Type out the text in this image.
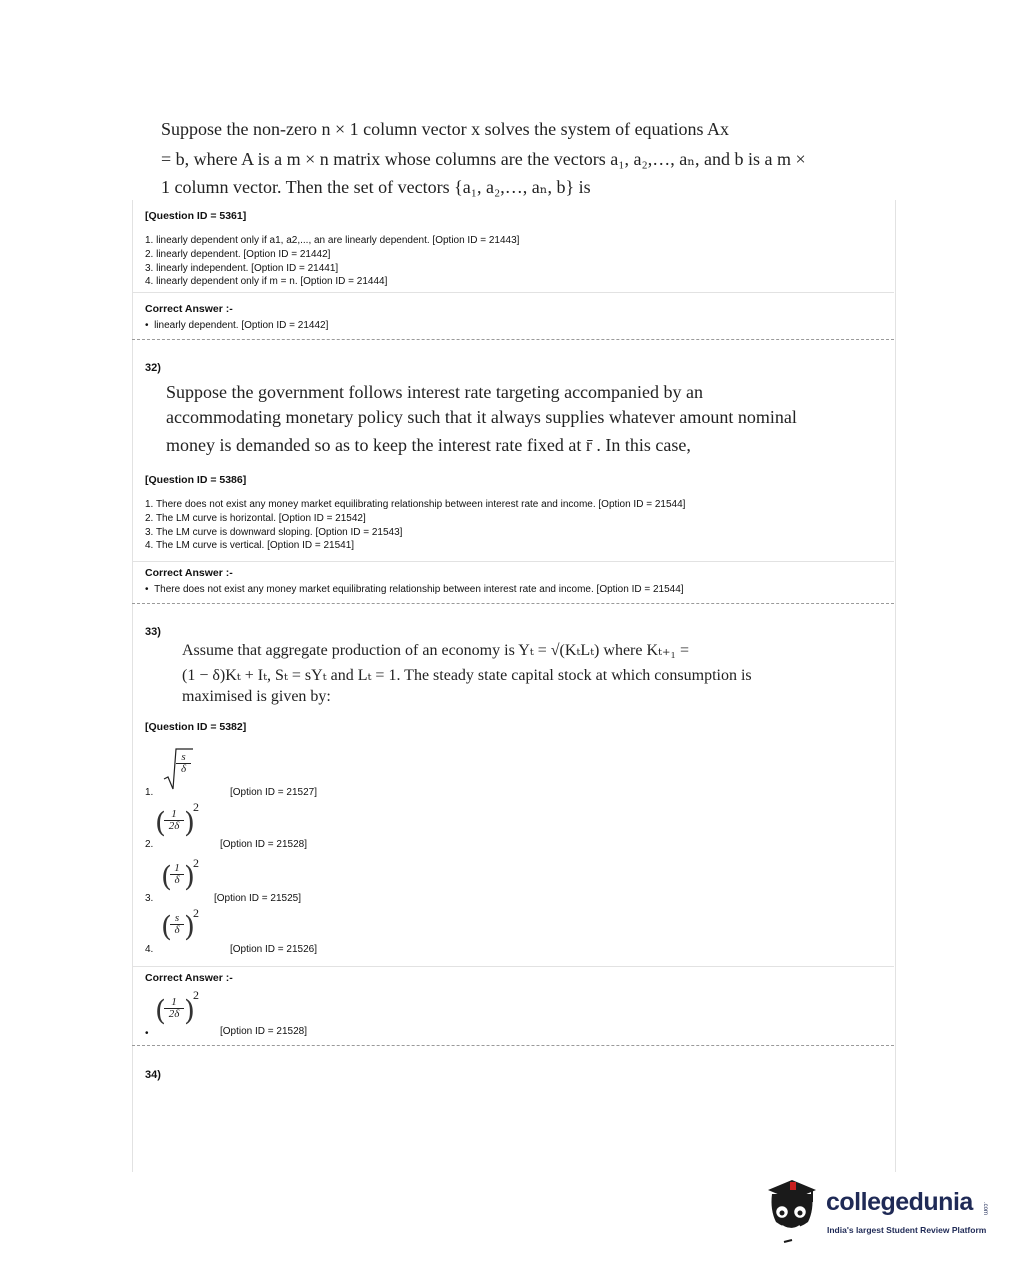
Suppose the non-zero n × 1 column vector x solves the system of equations Ax
= b, where A is a m × n matrix whose columns are the vectors a₁, a₂,…, aₙ, and b is a m ×
1 column vector. Then the set of vectors {a₁, a₂,…, aₙ, b} is
[Question ID = 5361]
1. linearly dependent only if a1, a2,..., an are linearly dependent. [Option ID = 21443]
2. linearly dependent. [Option ID = 21442]
3. linearly independent. [Option ID = 21441]
4. linearly dependent only if m = n. [Option ID = 21444]
Correct Answer :-
• linearly dependent. [Option ID = 21442]
32)
Suppose the government follows interest rate targeting accompanied by an
accommodating monetary policy such that it always supplies whatever amount nominal
money is demanded so as to keep the interest rate fixed at r̄ . In this case,
[Question ID = 5386]
1. There does not exist any money market equilibrating relationship between interest rate and income. [Option ID = 21544]
2. The LM curve is horizontal. [Option ID = 21542]
3. The LM curve is downward sloping. [Option ID = 21543]
4. The LM curve is vertical. [Option ID = 21541]
Correct Answer :-
• There does not exist any money market equilibrating relationship between interest rate and income. [Option ID = 21544]
33)
Assume that aggregate production of an economy is Yₜ = √(KₜLₜ) where Kₜ₊₁ =
(1 − δ)Kₜ + Iₜ, Sₜ = sYₜ and Lₜ = 1. The steady state capital stock at which consumption is
maximised is given by:
[Question ID = 5382]
1.
$\frac{s}{\delta}$
[Option ID = 21527]
2.
(
$\frac{1}{2\delta}$ )
2
[Option ID = 21528]
3.
(
$\frac{1}{\delta}$ )
2
[Option ID = 21525]
4.
(
$\frac{s}{\delta}$ )
2
[Option ID = 21526]
Correct Answer :-
•
(
$\frac{1}{2\delta}$ )
2
[Option ID = 21528]
34)
collegedunia .com
India's largest Student Review Platform
